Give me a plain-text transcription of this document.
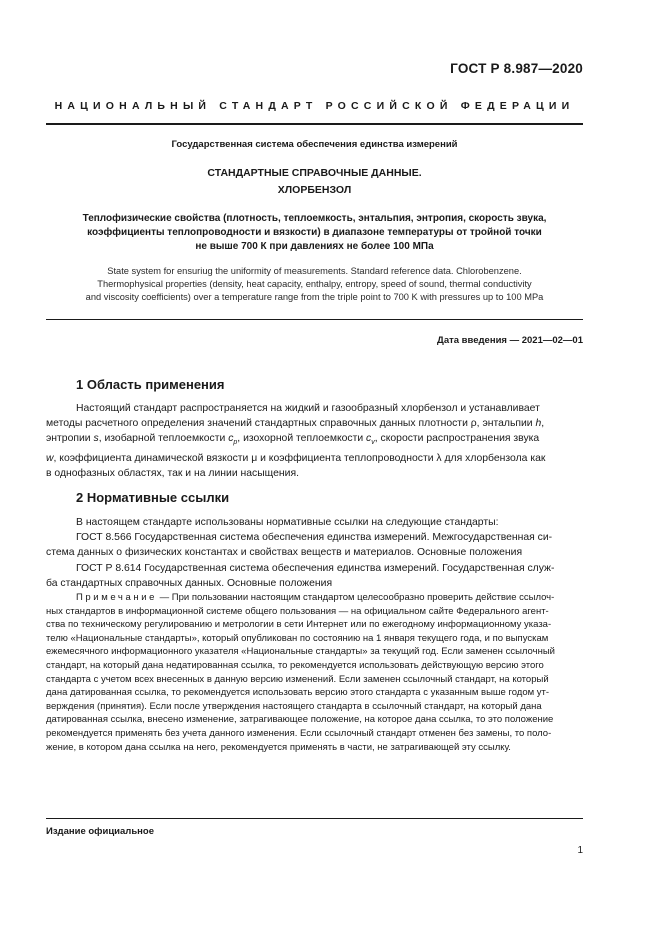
ГОСТ Р 8.987—2020
НАЦИОНАЛЬНЫЙ СТАНДАРТ РОССИЙСКОЙ ФЕДЕРАЦИИ
Государственная система обеспечения единства измерений
СТАНДАРТНЫЕ СПРАВОЧНЫЕ ДАННЫЕ.
ХЛОРБЕНЗОЛ
Теплофизические свойства (плотность, теплоемкость, энтальпия, энтропия, скорость звука,
коэффициенты теплопроводности и вязкости) в диапазоне температуры от тройной точки
не выше 700 К при давлениях не более 100 МПа
State system for ensuriug the uniformity of measurements. Standard reference data. Chlorobenzene.
Thermophysical properties (density, heat capacity, enthalpy, entropy, speed of sound, thermal conductivity
and viscosity coefficients) over a temperature range from the triple point to 700 K with pressures up to 100 MPa
Дата введения — 2021—02—01
1 Область применения
Настоящий стандарт распространяется на жидкий и газообразный хлорбензол и устанавливает
методы расчетного определения значений стандартных справочных данных плотности ρ, энтальпии h,
энтропии s, изобарной теплоемкости $c_p$, изохорной теплоемкости $c_v$, скорости распространения звука
w, коэффициента динамической вязкости μ и коэффициента теплопроводности λ для хлорбензола как
в однофазных областях, так и на линии насыщения.
2 Нормативные ссылки
В настоящем стандарте использованы нормативные ссылки на следующие стандарты:
ГОСТ 8.566 Государственная система обеспечения единства измерений. Межгосударственная си-
стема данных о физических константах и свойствах веществ и материалов. Основные положения
ГОСТ Р 8.614 Государственная система обеспечения единства измерений. Государственная служ-
ба стандартных справочных данных. Основные положения
Примечание — При пользовании настоящим стандартом целесообразно проверить действие ссылоч-
ных стандартов в информационной системе общего пользования — на официальном сайте Федерального агент-
ства по техническому регулированию и метрологии в сети Интернет или по ежегодному информационному указа-
телю «Национальные стандарты», который опубликован по состоянию на 1 января текущего года, и по выпускам
ежемесячного информационного указателя «Национальные стандарты» за текущий год. Если заменен ссылочный
стандарт, на который дана недатированная ссылка, то рекомендуется использовать действующую версию этого
стандарта с учетом всех внесенных в данную версию изменений. Если заменен ссылочный стандарт, на который
дана датированная ссылка, то рекомендуется использовать версию этого стандарта с указанным выше годом ут-
верждения (принятия). Если после утверждения настоящего стандарта в ссылочный стандарт, на который дана
датированная ссылка, внесено изменение, затрагивающее положение, на которое дана ссылка, то это положение
рекомендуется применять без учета данного изменения. Если ссылочный стандарт отменен без замены, то поло-
жение, в котором дана ссылка на него, рекомендуется применять в части, не затрагивающей эту ссылку.
Издание официальное
1
